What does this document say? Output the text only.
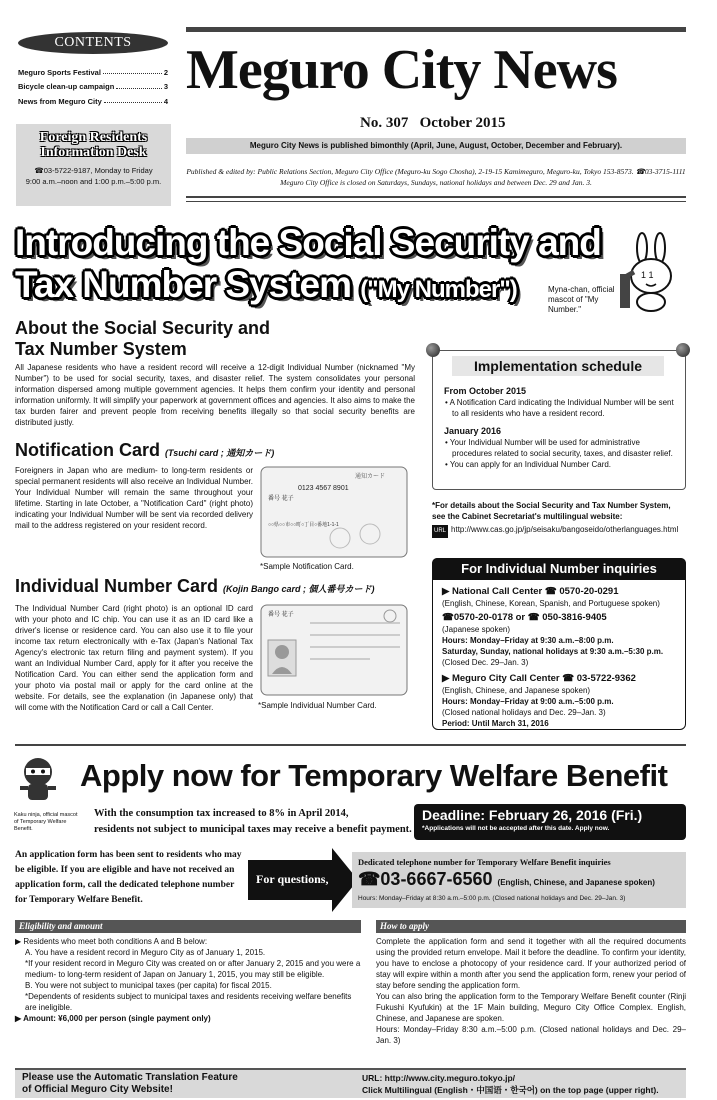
CONTENTS
Meguro Sports Festival	2
Bicycle clean-up campaign	3
News from Meguro City	4
Foreign Residents
Information Desk
☎03-5722-9187, Monday to Friday
9:00 a.m.–noon and 1:00 p.m.–5:00 p.m.
Meguro City News
No. 307   October 2015
Meguro City News is published bimonthly (April, June, August, October, December and February).
Published & edited by: Public Relations Section, Meguro City Office (Meguro-ku Sogo Chosha), 2-19-15 Kamimeguro, Meguro-ku, Tokyo 153-8573. ☎03-3715-1111
Meguro City Office is closed on Saturdays, Sundays, national holidays and between Dec. 29 and Jan. 3.
Introducing the Social Security and
Tax Number System ("My Number")
1 1
Myna-chan, official mascot of "My Number."
About the Social Security and
Tax Number System
All Japanese residents who have a resident record will receive a 12-digit Individual Number (nicknamed "My Number") to be used for social security, taxes, and disaster relief. The system consolidates your personal information dispersed among multiple government agencies. It helps them confirm your identity and personal information uniformly. It will simplify your paperwork at government offices and agencies. It also aims to make the tax burden fairer and prevent people from receiving benefits illegally so that social security benefits are distributed justly.
Notification Card (Tsuchi card ; 通知カード)
Foreigners in Japan who are medium- to long-term residents or special permanent residents will also receive an Individual Number. Your Individual Number will remain the same throughout your lifetime. Starting in late October, a "Notification Card" (right photo) indicating your Individual Number will be sent via recorded delivery mail to the address registered on your resident record.
通知カード
0123 4567 8901
番号 花子
○○県○○市○○町○丁目○番地1-1-1
*Sample Notification Card.
Individual Number Card (Kojin Bango card ; 個人番号カード)
The Individual Number Card (right photo) is an optional ID card with your photo and IC chip. You can use it as an ID card like a driver's license or residence card. You can also use it to file your income tax return electronically with e-Tax (Japan's National Tax Agency's electronic tax return filing and payment system). If you want an Individual Number Card, apply for it after you receive the Notification Card. You can either send the application form and your photo via postal mail or apply for the card online at the website. For details, see the explanation (in Japanese only) that will come with the Notification Card or call a Call Center.
番号 花子
*Sample Individual Number Card.
Implementation schedule
From October 2015
• A Notification Card indicating the Individual Number will be sent to all residents who have a resident record.
January 2016
• Your Individual Number will be used for administrative procedures related to social security, taxes, and disaster relief.
• You can apply for an Individual Number Card.
*For details about the Social Security and Tax Number System, see the Cabinet Secretariat's multilingual website:
URL http://www.cas.go.jp/jp/seisaku/bangoseido/otherlanguages.html
For Individual Number inquiries
▶ National Call Center ☎ 0570-20-0291
(English, Chinese, Korean, Spanish, and Portuguese spoken)
☎0570-20-0178 or ☎ 050-3816-9405
(Japanese spoken)
Hours: Monday–Friday at 9:30 a.m.–8:00 p.m.
Saturday, Sunday, national holidays at 9:30 a.m.–5:30 p.m.
(Closed Dec. 29–Jan. 3)
▶ Meguro City Call Center ☎ 03-5722-9362
(English, Chinese, and Japanese spoken)
Hours: Monday–Friday at 9:00 a.m.–5:00 p.m.
(Closed national holidays and Dec. 29–Jan. 3)
Period: Until March 31, 2016
Kaku ninja, official mascot of Temporary Welfare Benefit.
Apply now for Temporary Welfare Benefit
With the consumption tax increased to 8% in April 2014,
residents not subject to municipal taxes may receive a benefit payment.
Deadline: February 26, 2016 (Fri.)
*Applications will not be accepted after this date. Apply now.
An application form has been sent to residents who may be eligible. If you are eligible and have not received an application form, call the dedicated telephone number for Temporary Welfare Benefit.
For questions,
Dedicated telephone number for Temporary Welfare Benefit inquiries
☎03-6667-6560 (English, Chinese, and Japanese spoken)
Hours: Monday–Friday at 8:30 a.m.–5:00 p.m. (Closed national holidays and Dec. 29–Jan. 3)
Eligibility and amount	How to apply
▶ Residents who meet both conditions A and B below:
A. You have a resident record in Meguro City as of January 1, 2015.
*If your resident record in Meguro City was created on or after January 2, 2015 and you were a medium- to long-term resident of Japan on January 1, 2015, you may still be eligible.
B. You were not subject to municipal taxes (per capita) for fiscal 2015.
*Dependents of residents subject to municipal taxes and residents receiving welfare benefits are ineligible.
▶ Amount: ¥6,000 per person (single payment only)
Complete the application form and send it together with all the required documents using the provided return envelope. Mail it before the deadline. To confirm your identity, you have to enclose a photocopy of your residence card. If your authorized period of stay will expire within a month after you send the application form, renew your period of stay before sending the application form.
You can also bring the application form to the Temporary Welfare Benefit counter (Rinji Fukushi Kyufukin) at the 1F Main building, Meguro City Office Complex. English, Chinese, and Japanese are spoken.
Hours: Monday–Friday 8:30 a.m.–5:00 p.m. (Closed national holidays and Dec. 29–Jan. 3)
Please use the Automatic Translation Feature
of Official Meguro City Website!
URL: http://www.city.meguro.tokyo.jp/
Click Multilingual (English・中国语・한국어) on the top page (upper right).
